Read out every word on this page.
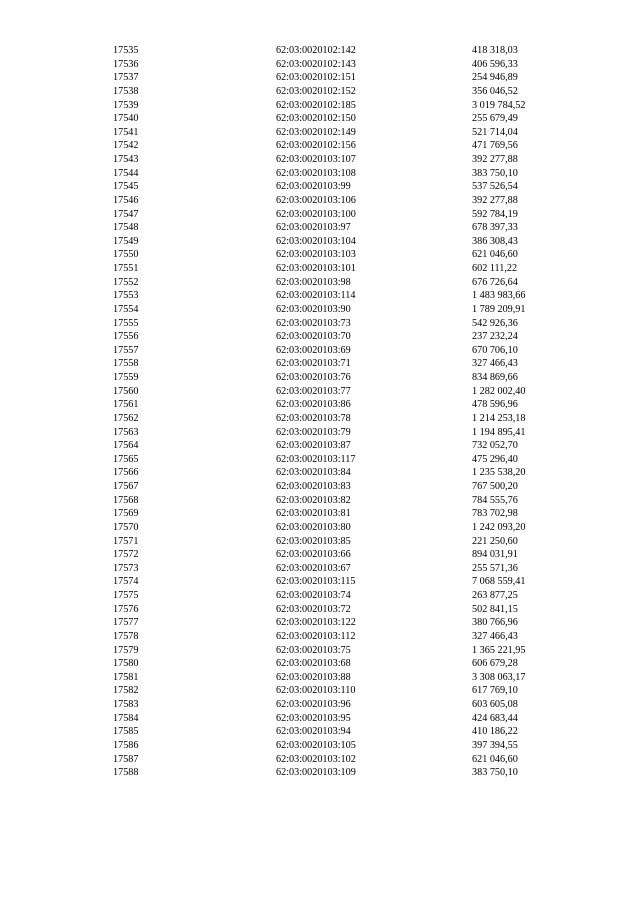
17535	62:03:0020102:142	418 318,03
17536	62:03:0020102:143	406 596,33
17537	62:03:0020102:151	254 946,89
17538	62:03:0020102:152	356 046,52
17539	62:03:0020102:185	3 019 784,52
17540	62:03:0020102:150	255 679,49
17541	62:03:0020102:149	521 714,04
17542	62:03:0020102:156	471 769,56
17543	62:03:0020103:107	392 277,88
17544	62:03:0020103:108	383 750,10
17545	62:03:0020103:99	537 526,54
17546	62:03:0020103:106	392 277,88
17547	62:03:0020103:100	592 784,19
17548	62:03:0020103:97	678 397,33
17549	62:03:0020103:104	386 308,43
17550	62:03:0020103:103	621 046,60
17551	62:03:0020103:101	602 111,22
17552	62:03:0020103:98	676 726,64
17553	62:03:0020103:114	1 483 983,66
17554	62:03:0020103:90	1 789 209,91
17555	62:03:0020103:73	542 926,36
17556	62:03:0020103:70	237 232,24
17557	62:03:0020103:69	670 706,10
17558	62:03:0020103:71	327 466,43
17559	62:03:0020103:76	834 869,66
17560	62:03:0020103:77	1 282 002,40
17561	62:03:0020103:86	478 596,96
17562	62:03:0020103:78	1 214 253,18
17563	62:03:0020103:79	1 194 895,41
17564	62:03:0020103:87	732 052,70
17565	62:03:0020103:117	475 296,40
17566	62:03:0020103:84	1 235 538,20
17567	62:03:0020103:83	767 500,20
17568	62:03:0020103:82	784 555,76
17569	62:03:0020103:81	783 702,98
17570	62:03:0020103:80	1 242 093,20
17571	62:03:0020103:85	221 250,60
17572	62:03:0020103:66	894 031,91
17573	62:03:0020103:67	255 571,36
17574	62:03:0020103:115	7 068 559,41
17575	62:03:0020103:74	263 877,25
17576	62:03:0020103:72	502 841,15
17577	62:03:0020103:122	380 766,96
17578	62:03:0020103:112	327 466,43
17579	62:03:0020103:75	1 365 221,95
17580	62:03:0020103:68	606 679,28
17581	62:03:0020103:88	3 308 063,17
17582	62:03:0020103:110	617 769,10
17583	62:03:0020103:96	603 605,08
17584	62:03:0020103:95	424 683,44
17585	62:03:0020103:94	410 186,22
17586	62:03:0020103:105	397 394,55
17587	62:03:0020103:102	621 046,60
17588	62:03:0020103:109	383 750,10
